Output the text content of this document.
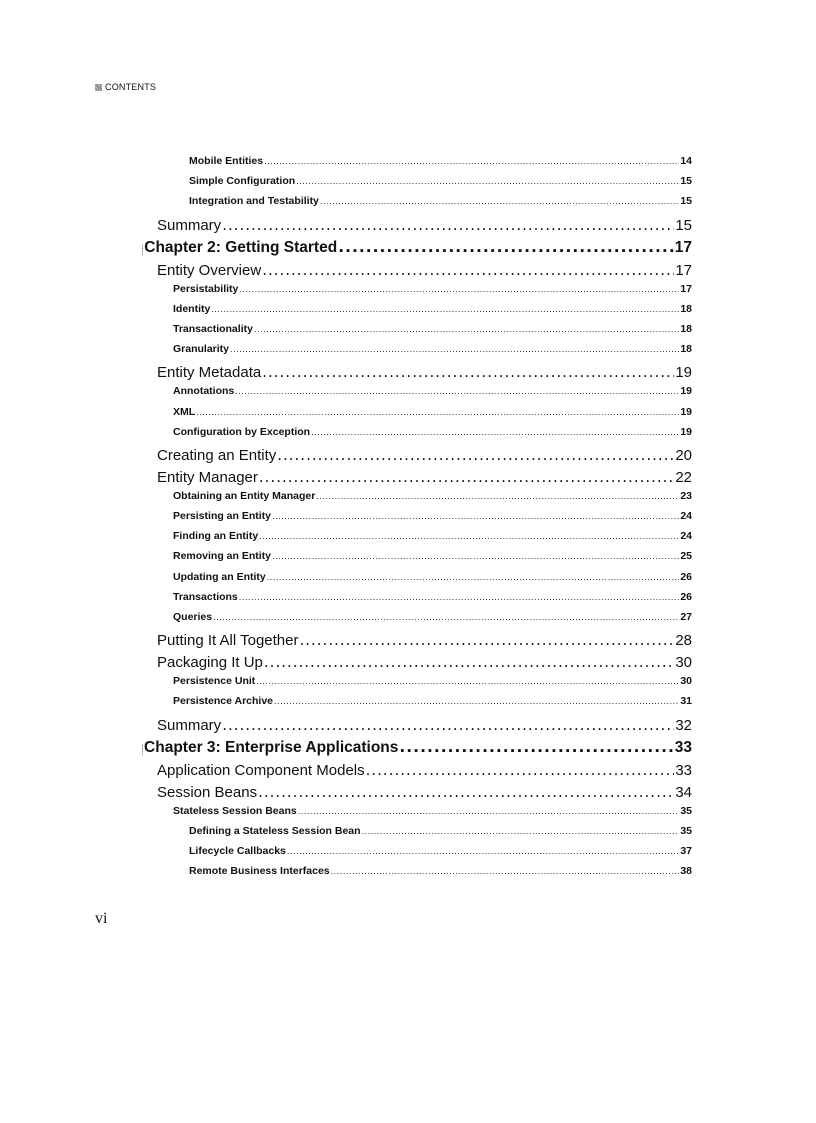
CONTENTS
Mobile Entities .....	14
Simple Configuration .....	15
Integration and Testability .....	15
Summary .....	15
Chapter 2: Getting Started .....	17
Entity Overview .....	17
Persistability .....	17
Identity .....	18
Transactionality .....	18
Granularity .....	18
Entity Metadata .....	19
Annotations .....	19
XML .....	19
Configuration by Exception .....	19
Creating an Entity .....	20
Entity Manager .....	22
Obtaining an Entity Manager .....	23
Persisting an Entity .....	24
Finding an Entity .....	24
Removing an Entity .....	25
Updating an Entity .....	26
Transactions .....	26
Queries .....	27
Putting It All Together .....	28
Packaging It Up .....	30
Persistence Unit .....	30
Persistence Archive .....	31
Summary .....	32
Chapter 3: Enterprise Applications .....	33
Application Component Models .....	33
Session Beans .....	34
Stateless Session Beans .....	35
Defining a Stateless Session Bean .....	35
Lifecycle Callbacks .....	37
Remote Business Interfaces .....	38
vi
